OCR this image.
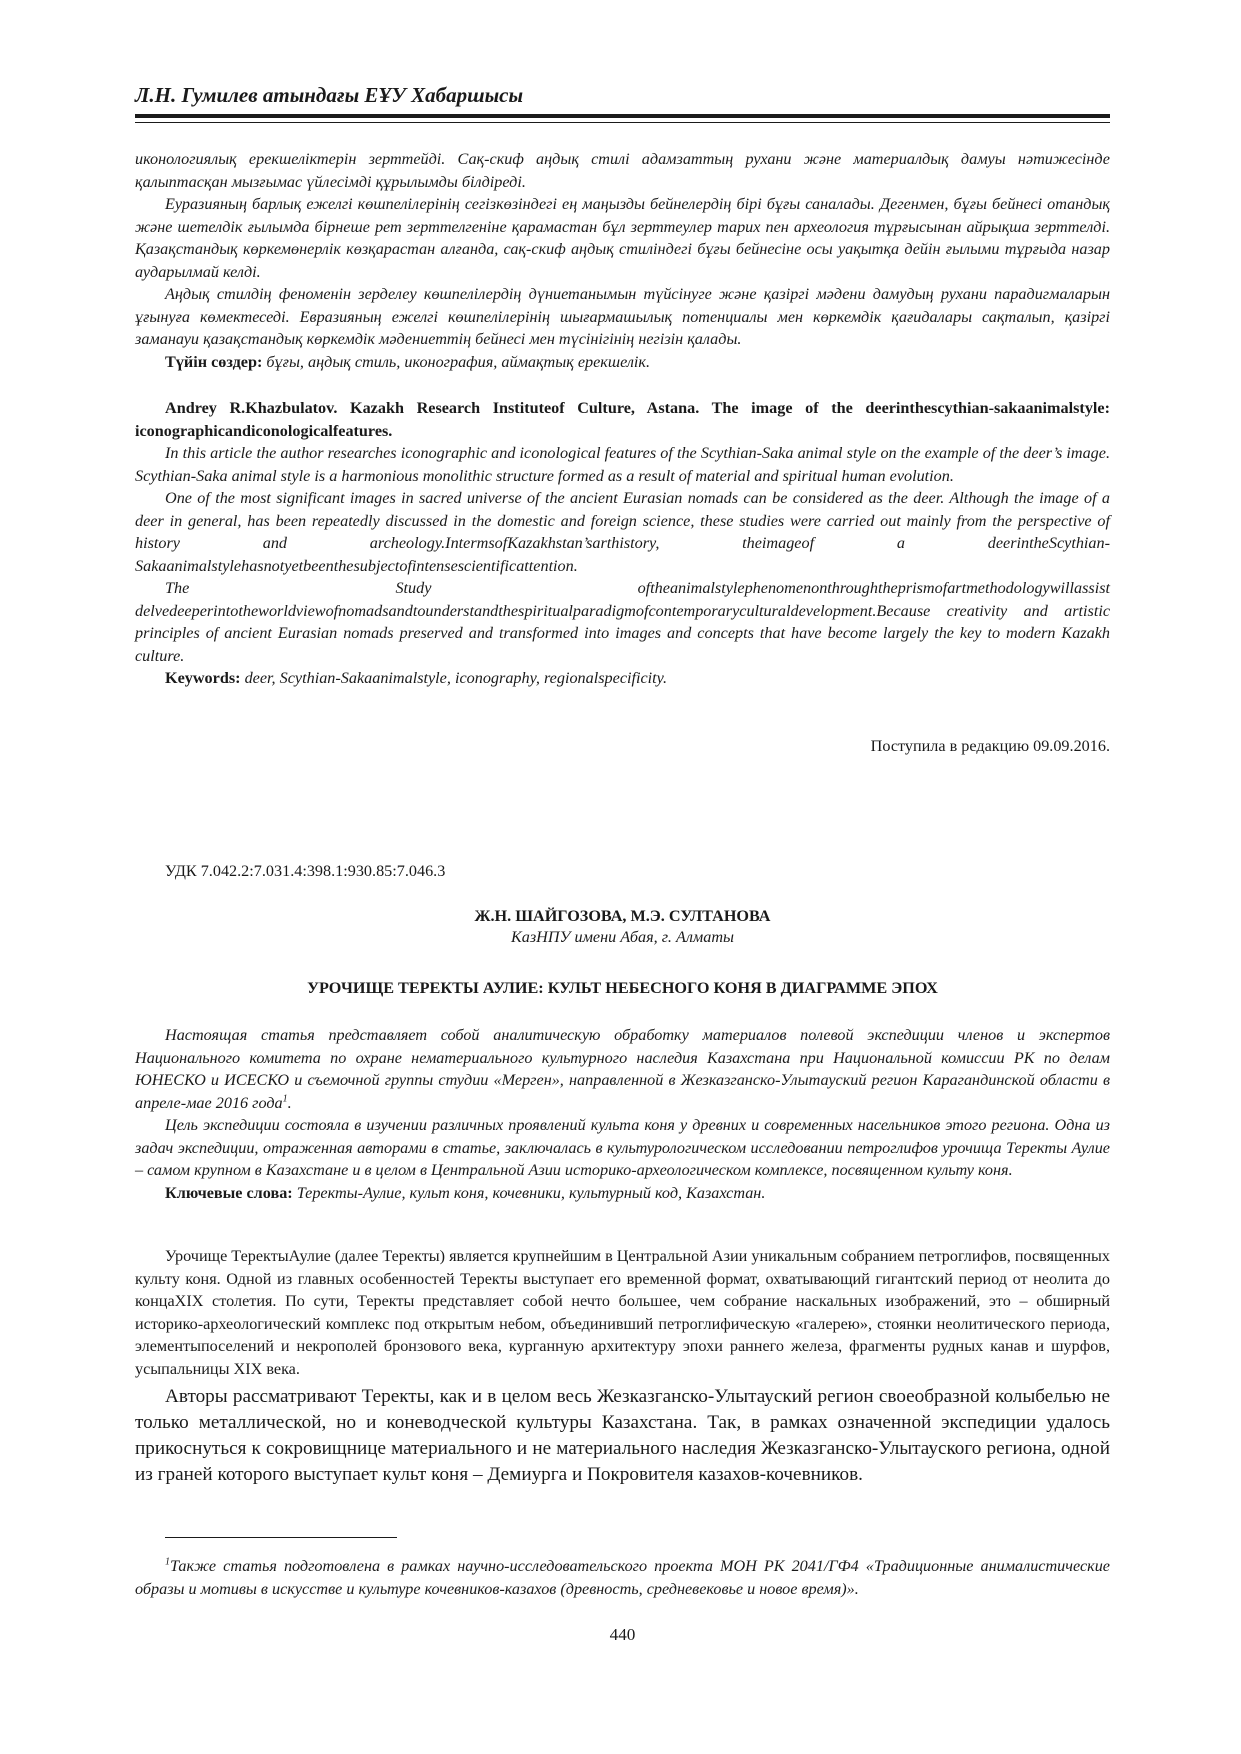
Л.Н. Гумилев атындағы ЕҰУ Хабаршысы

иконологиялық ерекшеліктерін зерттейді. Сақ-скиф аңдық стилі адамзаттың рухани және материалдық дамуы нәтижесінде қалыптасқан мызғымас үйлесімді құрылымды білдіреді.

Еуразияның барлық ежелгі көшпелілерінің сегізкөзіндегі ең маңызды бейнелердің бірі бұғы саналады. Дегенмен, бұғы бейнесі отандық және шетелдік ғылымда бірнеше рет зерттелгеніне қарамастан бұл зерттеулер тарих пен археология тұрғысынан айрықша зерттелді. Қазақстандық көркемөнерлік көзқарастан алғанда, сақ-скиф аңдық стиліндегі бұғы бейнесіне осы уақытқа дейін ғылыми тұрғыда назар аударылмай келді.

Аңдық стилдің феноменін зерделеу көшпелілердің дүниетанымын түйсінуге және қазіргі мәдени дамудың рухани парадигмаларын ұғынуға көмектеседі. Евразияның ежелгі көшпелілерінің шығармашылық потенциалы мен көркемдік қағидалары сақталып, қазіргі заманауи қазақстандық көркемдік мәдениеттің бейнесі мен түсінігінің негізін қалады.

Түйін сөздер: бұғы, аңдық стиль, иконография, аймақтық ерекшелік.

Andrey R.Khazbulatov. Kazakh Research Instituteof Culture, Astana. The image of the deerinthescythian-sakaanimalstyle: iconographicandiconologicalfeatures.

In this article the author researches iconographic and iconological features of the Scythian-Saka animal style on the example of the deer’s image. Scythian-Saka animal style is a harmonious monolithic structure formed as a result of material and spiritual human evolution.

One of the most significant images in sacred universe of the ancient Eurasian nomads can be considered as the deer. Although the image of a deer in general, has been repeatedly discussed in the domestic and foreign science, these studies were carried out mainly from the perspective of history and archeology.IntermsofKazakhstan’sarthistory, theimageof a deerintheScythian-Sakaanimalstylehasnotyetbeenthesubjectofintensescientificattention.

The Study oftheanimalstylephenomenonthroughtheprismofartmethodologywillassist delvedeeperintotheworldviewofnomadsandtounderstandthespiritualparadigmofcontemporaryculturaldevelopment.Because creativity and artistic principles of ancient Eurasian nomads preserved and transformed into images and concepts that have become largely the key to modern Kazakh culture.

Keywords: deer, Scythian-Sakaanimalstyle, iconography, regionalspecificity.

Поступила в редакцию 09.09.2016.
УДК 7.042.2:7.031.4:398.1:930.85:7.046.3
Ж.Н. ШАЙГОЗОВА, М.Э. СУЛТАНОВА
КазНПУ имени Абая, г. Алматы
УРОЧИЩЕ ТЕРЕКТЫ АУЛИЕ: КУЛЬТ НЕБЕСНОГО КОНЯ В ДИАГРАММЕ ЭПОХ

Настоящая статья представляет собой аналитическую обработку материалов полевой экспедиции членов и экспертов Национального комитета по охране нематериального культурного наследия Казахстана при Национальной комиссии РК по делам ЮНЕСКО и ИСЕСКО и съемочной группы студии «Мерген», направленной в Жезказганско-Улытауский регион Карагандинской области в апреле-мае 2016 года$^1$.

Цель экспедиции состояла в изучении различных проявлений культа коня у древних и современных насельников этого региона. Одна из задач экспедиции, отраженная авторами в статье, заключалась в культурологическом исследовании петроглифов урочища Теректы Аулие – самом крупном в Казахстане и в целом в Центральной Азии историко-археологическом комплексе, посвященном культу коня.

Ключевые слова: Теректы-Аулие, культ коня, кочевники, культурный код, Казахстан.

Урочище ТеректыАулие (далее Теректы) является крупнейшим в Центральной Азии уникальным собранием петроглифов, посвященных культу коня. Одной из главных особенностей Теректы выступает его временной формат, охватывающий гигантский период от неолита до концаXIX столетия. По сути, Теректы представляет собой нечто большее, чем собрание наскальных изображений, это – обширный историко-археологический комплекс под открытым небом, объединивший петроглифическую «галерею», стоянки неолитического периода, элементыпоселений и некрополей бронзового века, курганную архитектуру эпохи раннего железа, фрагменты рудных канав и шурфов, усыпальницы XIX века.

Авторы рассматривают Теректы, как и в целом весь Жезказганско-Улытауский регион своеобразной колыбелью не только металлической, но и коневодческой культуры Казахстана. Так, в рамках означенной экспедиции удалось прикоснуться к сокровищнице материального и не материального наследия Жезказганско-Улытауского региона, одной из граней которого выступает культ коня – Демиурга и Покровителя казахов-кочевников.

$^1$Также статья подготовлена в рамках научно-исследовательского проекта МОН РК 2041/ГФ4 «Традиционные анималистические образы и мотивы в искусстве и культуре кочевников-казахов (древность, средневековье и новое время)».

440
